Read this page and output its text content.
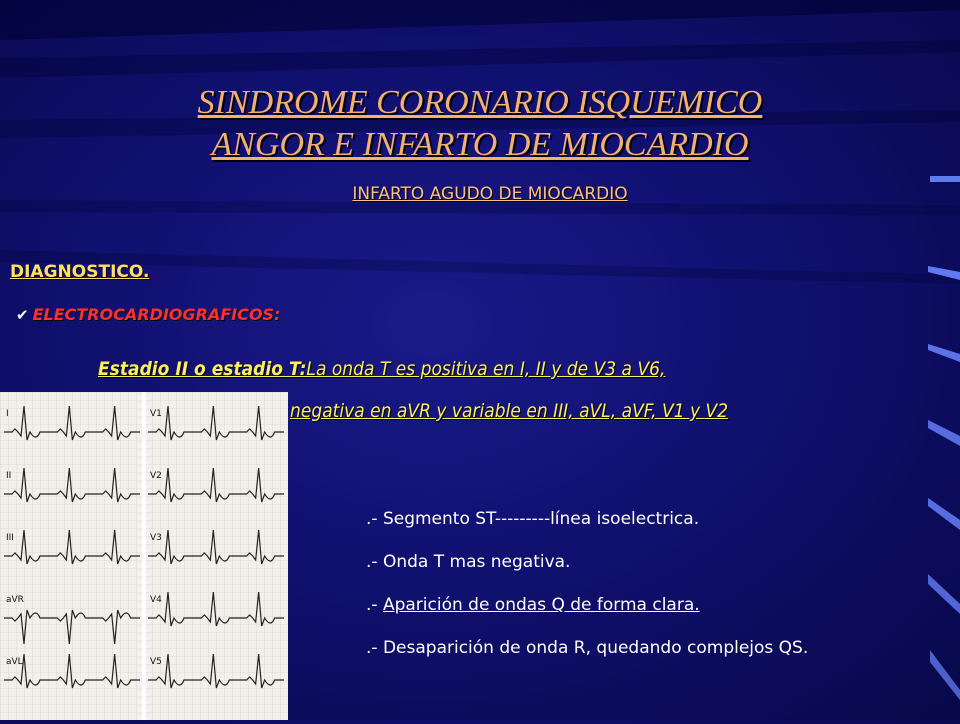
SINDROME CORONARIO ISQUEMICO
ANGOR E INFARTO DE MIOCARDIO
INFARTO AGUDO DE MIOCARDIO
DIAGNOSTICO.
✔ ELECTROCARDIOGRAFICOS:
Estadio II o estadio T:La onda T es positiva en I, II y de V3 a V6,
negativa en aVR y variable en III, aVL, aVF, V1 y V2
I
II
III
aVR
aVL
V1
V2
V3
V4
V5
.- Segmento ST---------línea isoelectrica.
.- Onda T mas negativa.
.- Aparición de ondas Q de forma clara.
.- Desaparición de onda R, quedando complejos QS.
